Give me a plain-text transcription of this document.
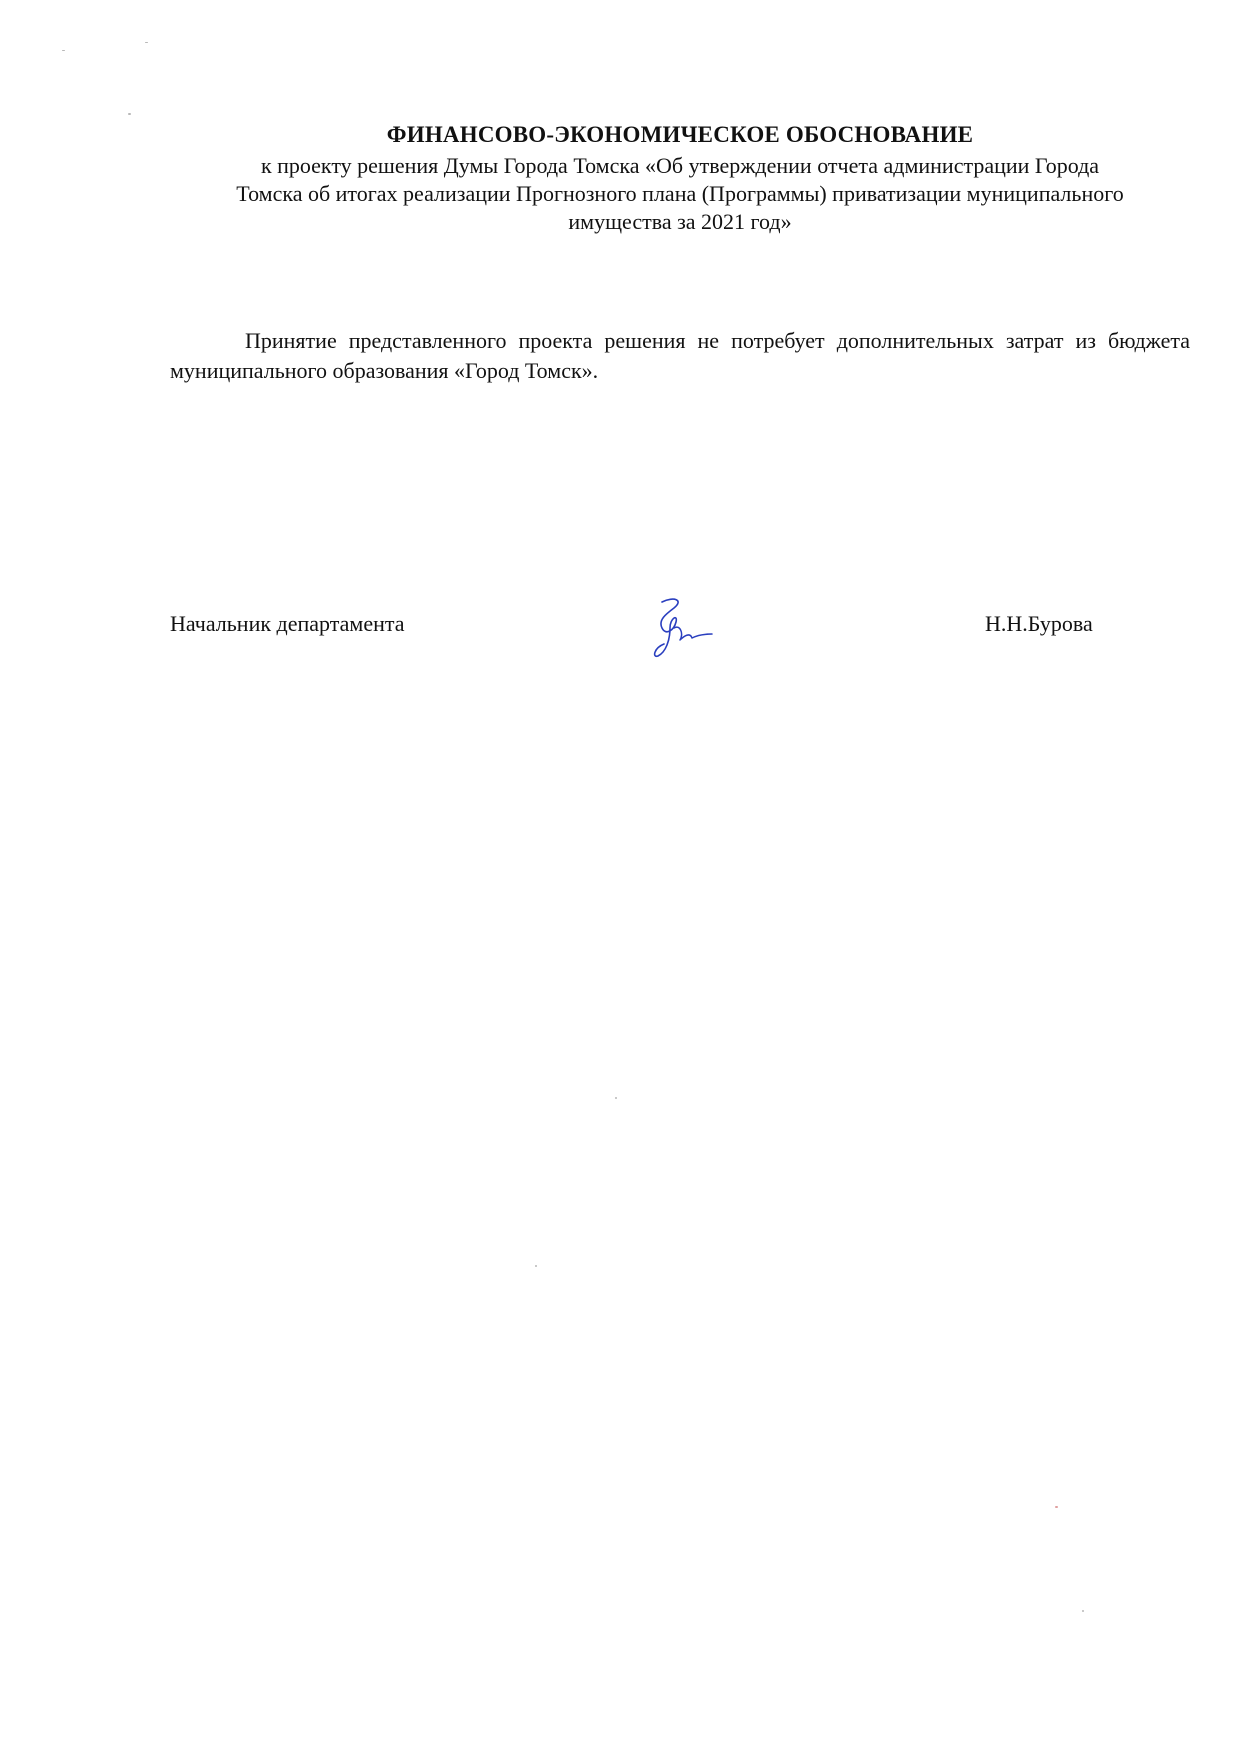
ФИНАНСОВО-ЭКОНОМИЧЕСКОЕ ОБОСНОВАНИЕ
к проекту решения Думы Города Томска «Об утверждении отчета администрации Города
Томска об итогах реализации Прогнозного плана (Программы) приватизации муниципального
имущества за 2021 год»

Принятие представленного проекта решения не потребует дополнительных затрат из бюджета муниципального образования «Город Томск».

Начальник департамента	Н.Н.Бурова
